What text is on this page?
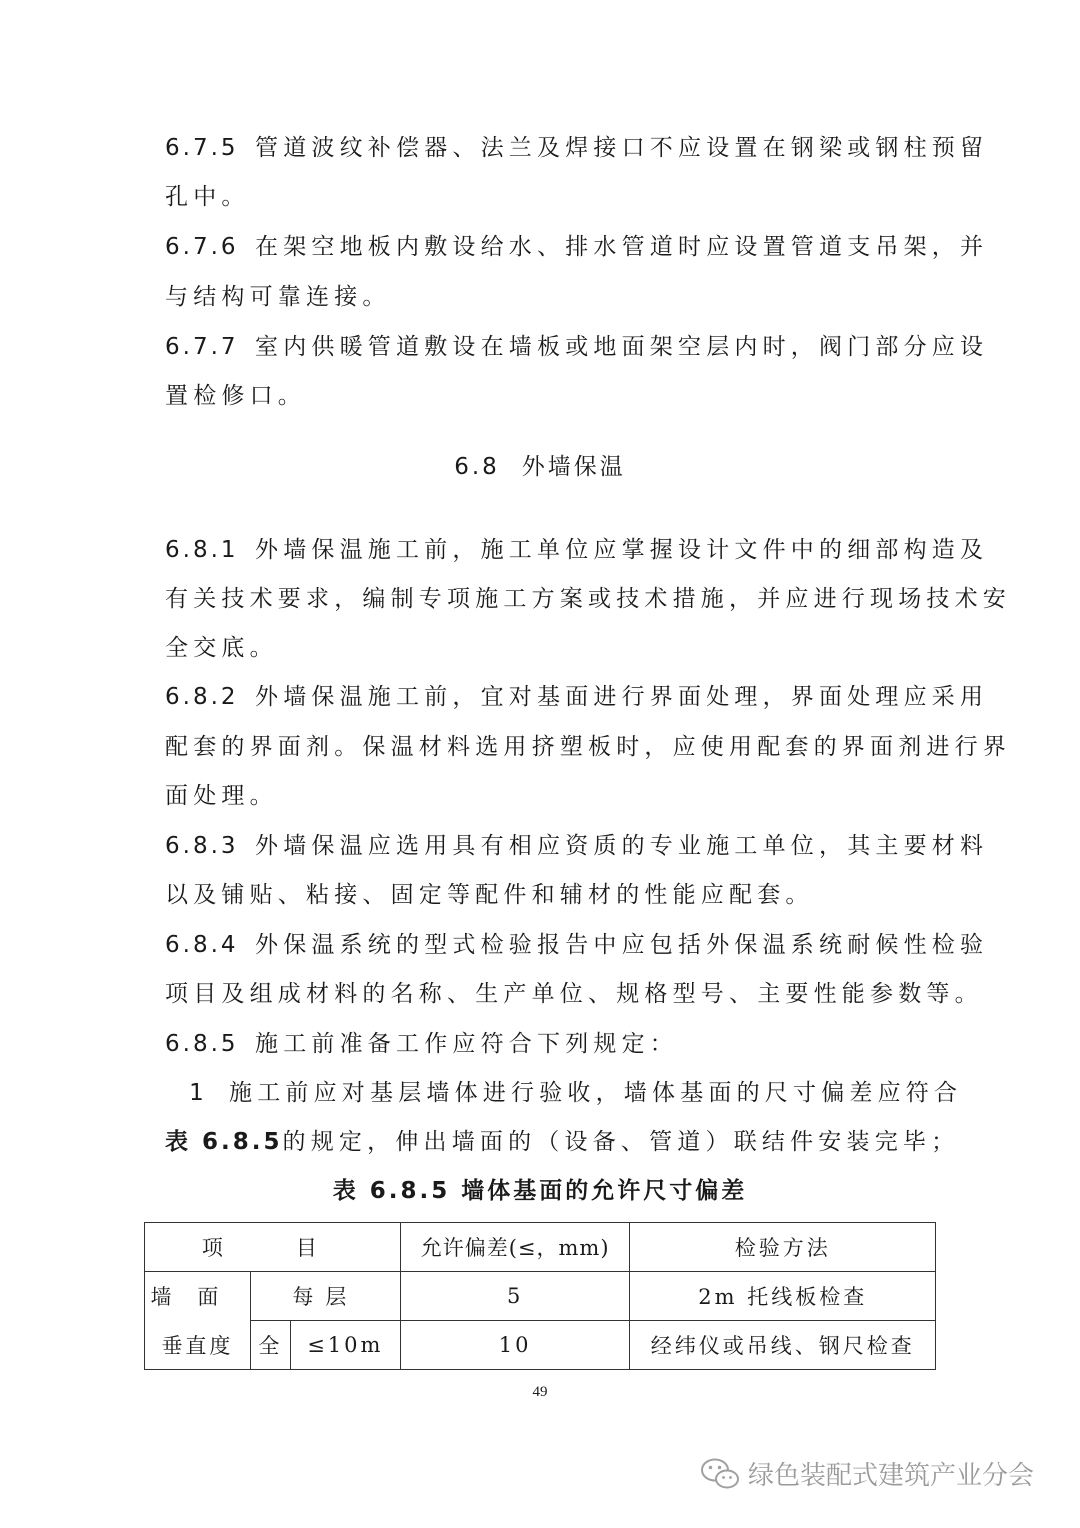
6.7.5 管道波纹补偿器、法兰及焊接口不应设置在钢梁或钢柱预留
孔中。
6.7.6 在架空地板内敷设给水、排水管道时应设置管道支吊架，并
与结构可靠连接。
6.7.7 室内供暖管道敷设在墙板或地面架空层内时，阀门部分应设
置检修口。
6.8 外墙保温
6.8.1 外墙保温施工前，施工单位应掌握设计文件中的细部构造及
有关技术要求，编制专项施工方案或技术措施，并应进行现场技术安
全交底。
6.8.2 外墙保温施工前，宜对基面进行界面处理，界面处理应采用
配套的界面剂。保温材料选用挤塑板时，应使用配套的界面剂进行界
面处理。
6.8.3 外墙保温应选用具有相应资质的专业施工单位，其主要材料
以及铺贴、粘接、固定等配件和辅材的性能应配套。
6.8.4 外保温系统的型式检验报告中应包括外保温系统耐候性检验
项目及组成材料的名称、生产单位、规格型号、主要性能参数等。
6.8.5 施工前准备工作应符合下列规定：
1 施工前应对基层墙体进行验收，墙体基面的尺寸偏差应符合
表 6.8.5的规定，伸出墙面的（设备、管道）联结件安装完毕；
表 6.8.5 墙体基面的允许尺寸偏差
项　目			允许偏差(≤，mm)	检验方法
墙面	每层		5	2m 托线板检查
垂直度	全	≤10m	10	经纬仪或吊线、钢尺检查
49
绿色装配式建筑产业分会
